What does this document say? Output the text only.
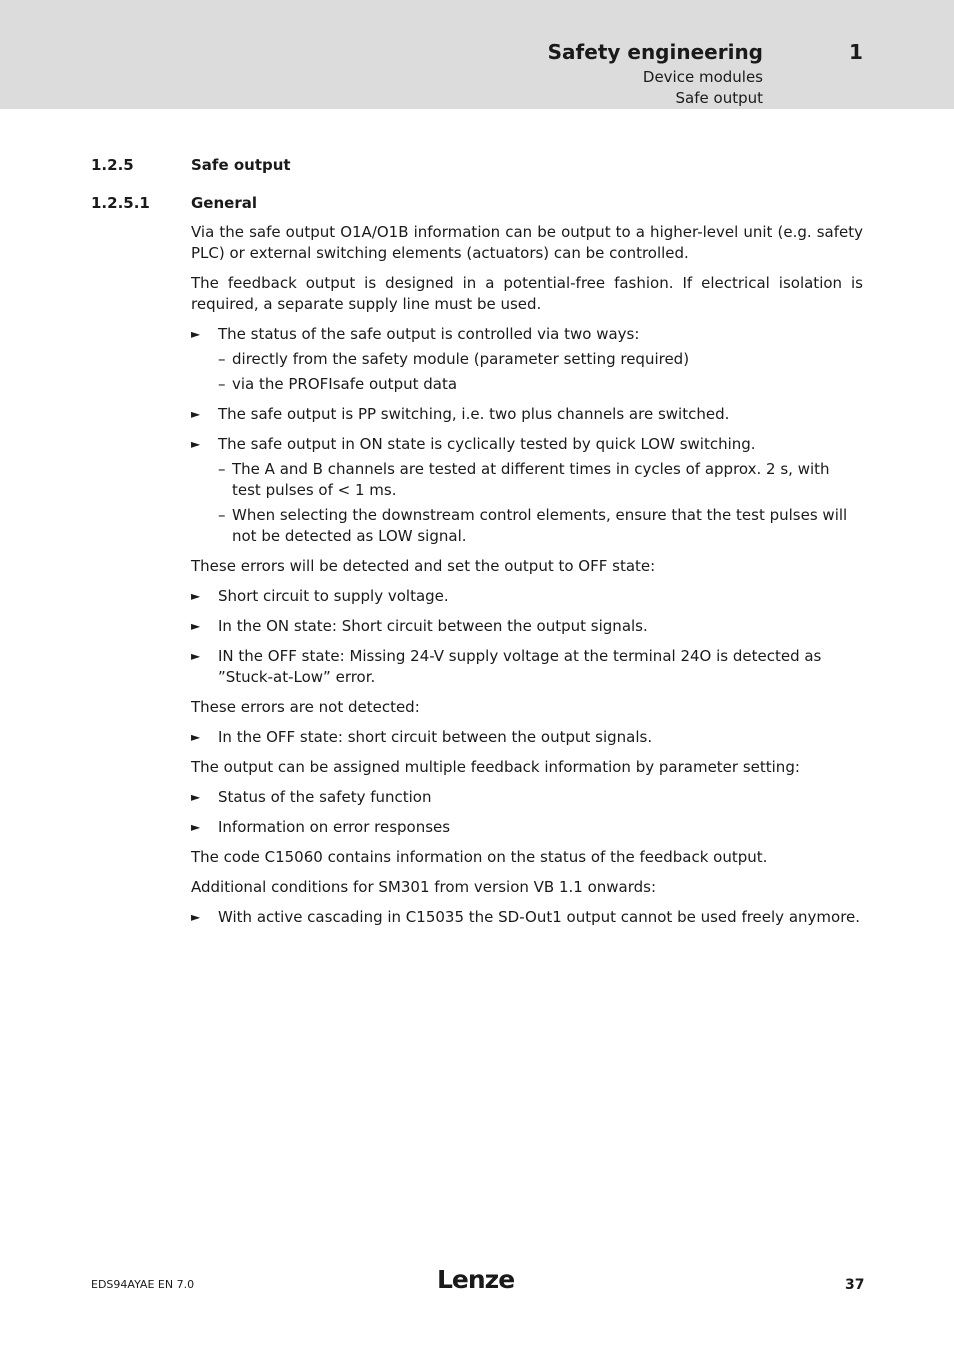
Safety engineering	1
Device modules
Safe output
1.2.5	Safe output
1.2.5.1	General

Via the safe output O1A/O1B information can be output to a higher-level unit (e.g. safety PLC) or external switching elements (actuators) can be controlled.

The feedback output is designed in a potential-free fashion. If electrical isolation is required, a separate supply line must be used.

► The status of the safe output is controlled via two ways:
– directly from the safety module (parameter setting required)
– via the PROFIsafe output data
► The safe output is PP switching, i.e. two plus channels are switched.
► The safe output in ON state is cyclically tested by quick LOW switching.
– The A and B channels are tested at different times in cycles of approx. 2 s, with test pulses of < 1 ms.
– When selecting the downstream control elements, ensure that the test pulses will not be detected as LOW signal.

These errors will be detected and set the output to OFF state:

► Short circuit to supply voltage.
► In the ON state: Short circuit between the output signals.
► IN the OFF state: Missing 24-V supply voltage at the terminal 24O is detected as ”Stuck-at-Low” error.

These errors are not detected:

► In the OFF state: short circuit between the output signals.

The output can be assigned multiple feedback information by parameter setting:

► Status of the safety function
► Information on error responses

The code C15060 contains information on the status of the feedback output.

Additional conditions for SM301 from version VB 1.1 onwards:

► With active cascading in C15035 the SD-Out1 output cannot be used freely anymore.
EDS94AYAE EN 7.0	Lenze	37
